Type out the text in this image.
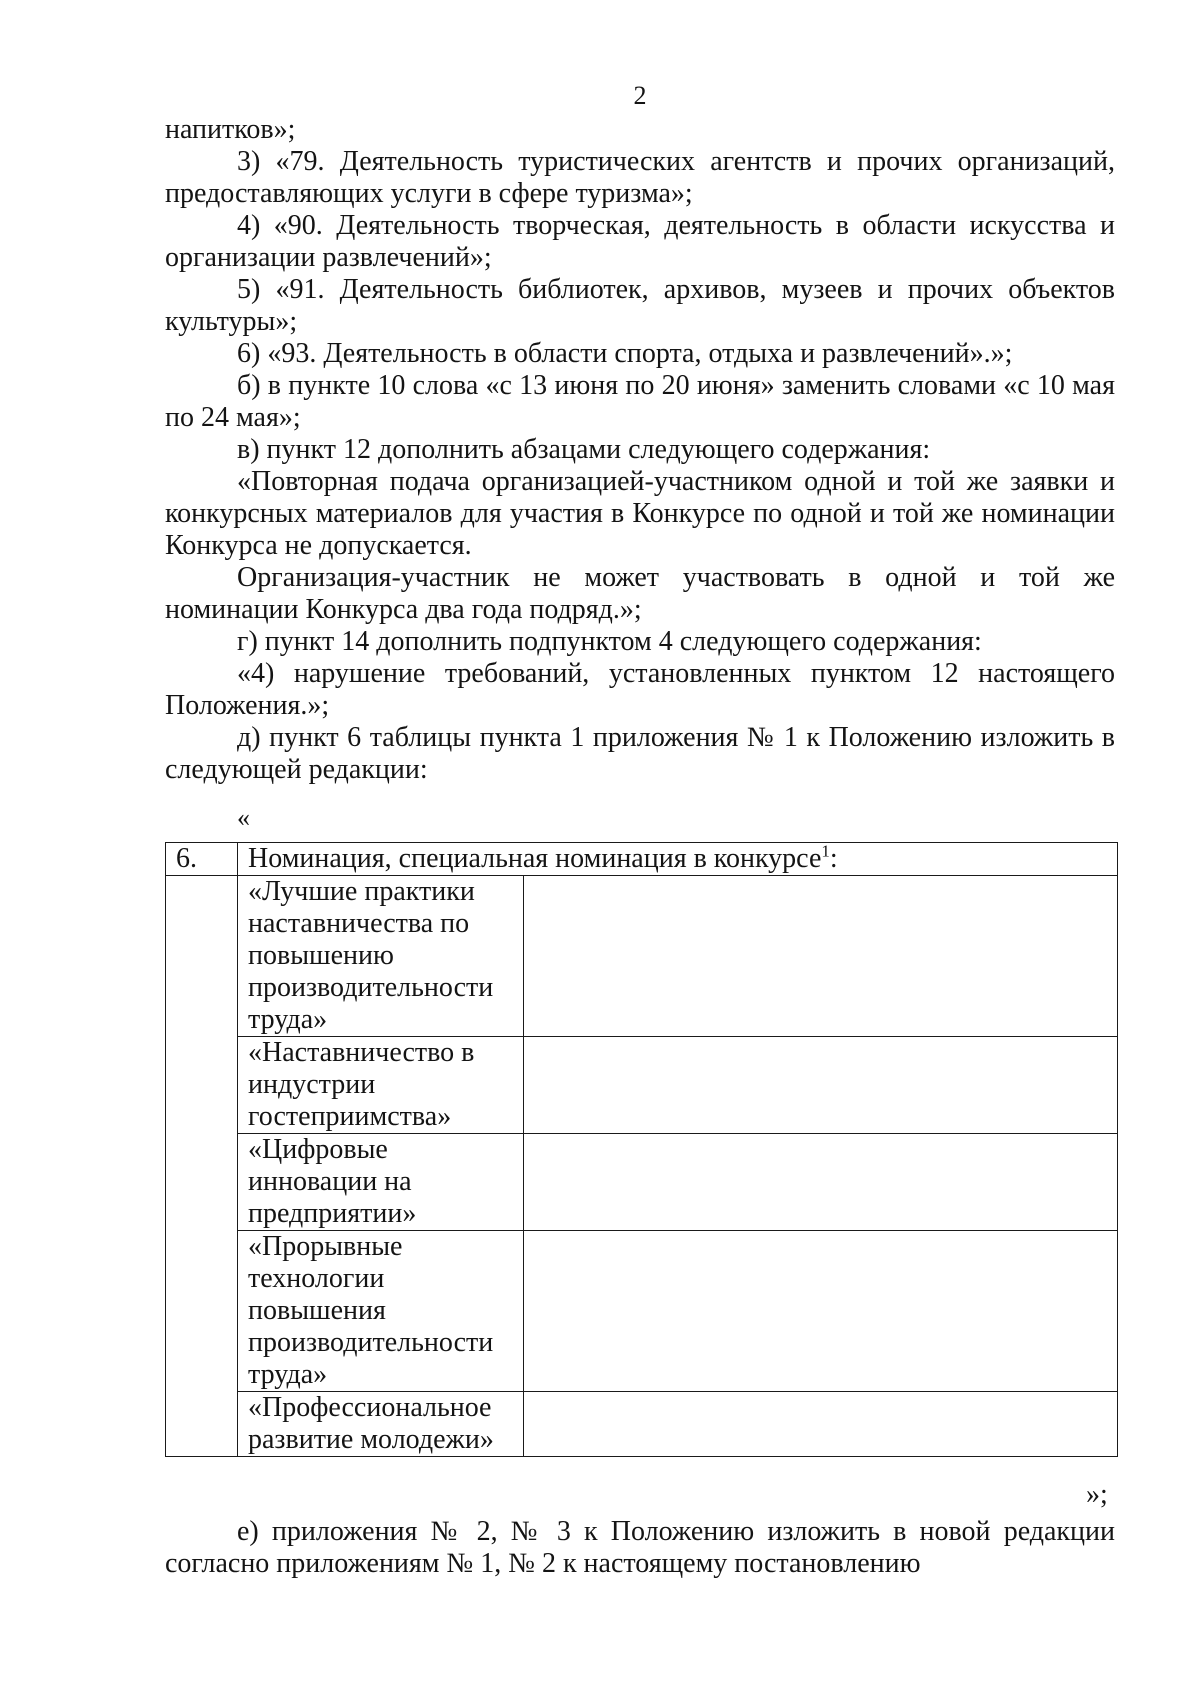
2

напитков»;

3) «79. Деятельность туристических агентств и прочих организаций, предоставляющих услуги в сфере туризма»;

4) «90. Деятельность творческая, деятельность в области искусства и организации развлечений»;

5) «91. Деятельность библиотек, архивов, музеев и прочих объектов культуры»;

6) «93. Деятельность в области спорта, отдыха и развлечений».»;

б) в пункте 10 слова «с 13 июня по 20 июня» заменить словами «с 10 мая по 24 мая»;

в) пункт 12 дополнить абзацами следующего содержания:

«Повторная подача организацией-участником одной и той же заявки и конкурсных материалов для участия в Конкурсе по одной и той же номинации Конкурса не допускается.

Организация-участник не может участвовать в одной и той же номинации Конкурса два года подряд.»;

г) пункт 14 дополнить подпунктом 4 следующего содержания:

«4) нарушение требований, установленных пунктом 12 настоящего Положения.»;

д) пункт 6 таблицы пункта 1 приложения № 1 к Положению изложить в следующей редакции:

«
6.	Номинация, специальная номинация в конкурсе$^1$:	
	«Лучшие практики наставничества по повышению производительности труда»	
	«Наставничество в индустрии гостеприимства»	
	«Цифровые инновации на предприятии»	
	«Прорывные технологии повышения производительности труда»	
	«Профессиональное развитие молодежи»	
»;

е) приложения № 2, № 3 к Положению изложить в новой редакции согласно приложениям № 1, № 2 к настоящему постановлению
